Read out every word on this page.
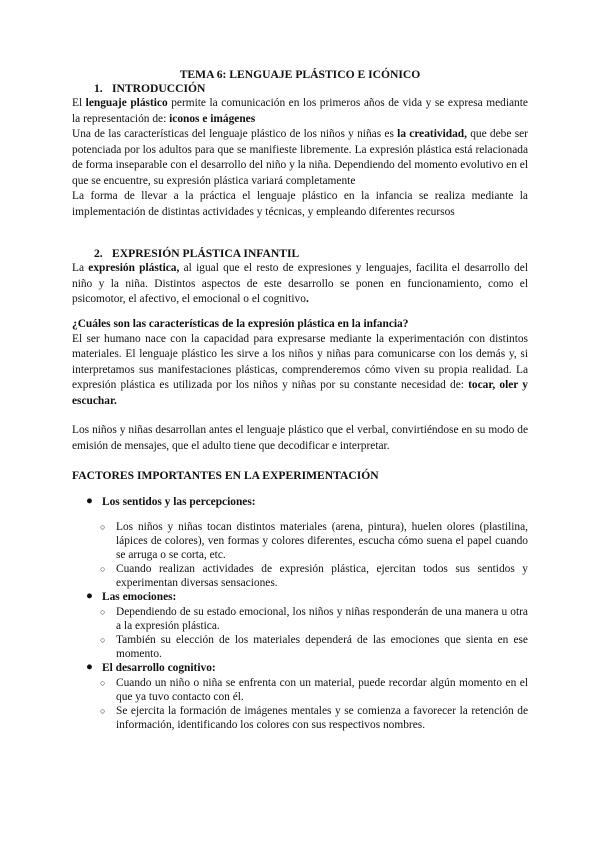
TEMA 6: LENGUAJE PLÁSTICO E ICÓNICO
1. INTRODUCCIÓN

El lenguaje plástico permite la comunicación en los primeros años de vida y se expresa mediante la representación de: iconos e imágenes

Una de las características del lenguaje plástico de los niños y niñas es la creatividad, que debe ser potenciada por los adultos para que se manifieste libremente. La expresión plástica está relacionada de forma inseparable con el desarrollo del niño y la niña. Dependiendo del momento evolutivo en el que se encuentre, su expresión plástica variará completamente

La forma de llevar a la práctica el lenguaje plástico en la infancia se realiza mediante la implementación de distintas actividades y técnicas, y empleando diferentes recursos

2. EXPRESIÓN PLÁSTICA INFANTIL

La expresión plástica, al igual que el resto de expresiones y lenguajes, facilita el desarrollo del niño y la niña. Distintos aspectos de este desarrollo se ponen en funcionamiento, como el psicomotor, el afectivo, el emocional o el cognitivo.

¿Cuáles son las características de la expresión plástica en la infancia?

El ser humano nace con la capacidad para expresarse mediante la experimentación con distintos materiales. El lenguaje plástico les sirve a los niños y niñas para comunicarse con los demás y, si interpretamos sus manifestaciones plásticas, comprenderemos cómo viven su propia realidad. La expresión plástica es utilizada por los niños y niñas por su constante necesidad de: tocar, oler y escuchar.

Los niños y niñas desarrollan antes el lenguaje plástico que el verbal, convirtiéndose en su modo de emisión de mensajes, que el adulto tiene que decodificar e interpretar.

FACTORES IMPORTANTES EN LA EXPERIMENTACIÓN
● Los sentidos y las percepciones:
○ Los niños y niñas tocan distintos materiales (arena, pintura), huelen olores (plastilina, lápices de colores), ven formas y colores diferentes, escucha cómo suena el papel cuando se arruga o se corta, etc.
○ Cuando realizan actividades de expresión plástica, ejercitan todos sus sentidos y experimentan diversas sensaciones.
● Las emociones:
○ Dependiendo de su estado emocional, los niños y niñas responderán de una manera u otra a la expresión plástica.
○ También su elección de los materiales dependerá de las emociones que sienta en ese momento.
● El desarrollo cognitivo:
○ Cuando un niño o niña se enfrenta con un material, puede recordar algún momento en el que ya tuvo contacto con él.
○ Se ejercita la formación de imágenes mentales y se comienza a favorecer la retención de información, identificando los colores con sus respectivos nombres.
